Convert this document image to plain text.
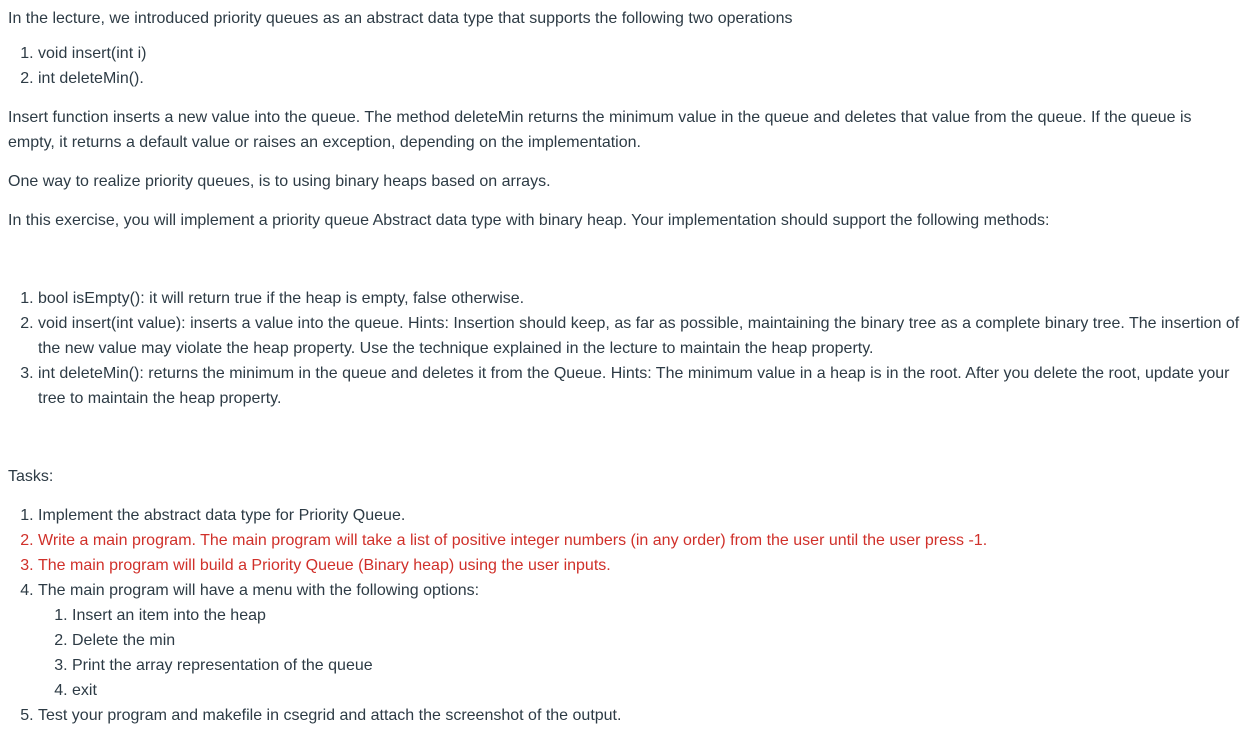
In the lecture, we introduced priority queues as an abstract data type that supports the following two operations

1. void insert(int i)
2. int deleteMin().

Insert function inserts a new value into the queue. The method deleteMin returns the minimum value in the queue and deletes that value from the queue. If the queue is empty, it returns a default value or raises an exception, depending on the implementation.

One way to realize priority queues, is to using binary heaps based on arrays.

In this exercise, you will implement a priority queue Abstract data type with binary heap. Your implementation should support the following methods:

1. bool isEmpty(): it will return true if the heap is empty, false otherwise.
2. void insert(int value): inserts a value into the queue. Hints: Insertion should keep, as far as possible, maintaining the binary tree as a complete binary tree. The insertion of the new value may violate the heap property. Use the technique explained in the lecture to maintain the heap property.
3. int deleteMin(): returns the minimum in the queue and deletes it from the Queue. Hints: The minimum value in a heap is in the root. After you delete the root, update your tree to maintain the heap property.

Tasks:

1. Implement the abstract data type for Priority Queue.
2. Write a main program. The main program will take a list of positive integer numbers (in any order) from the user until the user press -1.
3. The main program will build a Priority Queue (Binary heap) using the user inputs.
4. The main program will have a menu with the following options:
1. Insert an item into the heap
2. Delete the min
3. Print the array representation of the queue
4. exit
5. Test your program and makefile in csegrid and attach the screenshot of the output.
